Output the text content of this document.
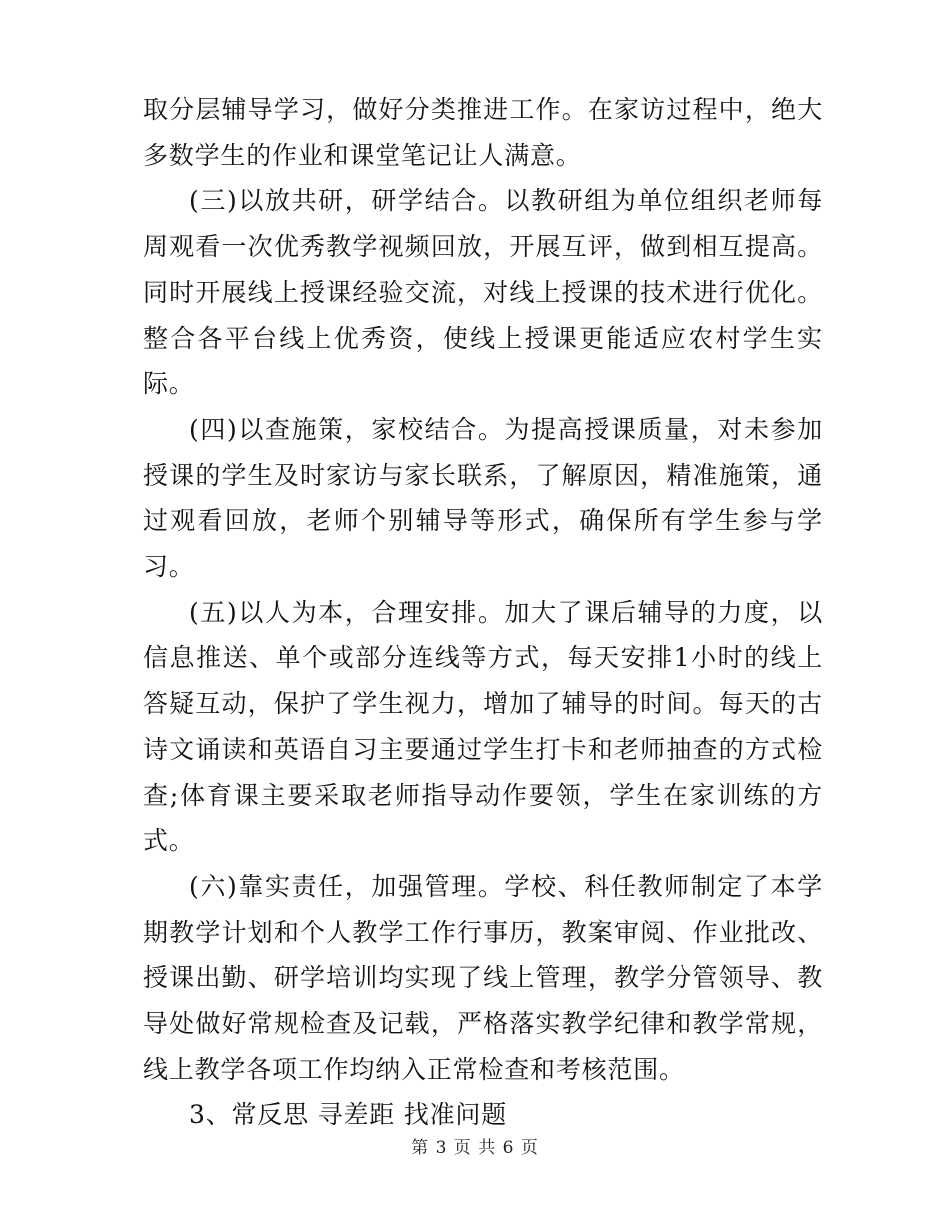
取分层辅导学习，做好分类推进工作。在家访过程中，绝大多数学生的作业和课堂笔记让人满意。

(三)以放共研，研学结合。以教研组为单位组织老师每周观看一次优秀教学视频回放，开展互评，做到相互提高。同时开展线上授课经验交流，对线上授课的技术进行优化。整合各平台线上优秀资，使线上授课更能适应农村学生实际。

(四)以查施策，家校结合。为提高授课质量，对未参加授课的学生及时家访与家长联系，了解原因，精准施策，通过观看回放，老师个别辅导等形式，确保所有学生参与学习。

(五)以人为本，合理安排。加大了课后辅导的力度，以信息推送、单个或部分连线等方式，每天安排1小时的线上答疑互动，保护了学生视力，增加了辅导的时间。每天的古诗文诵读和英语自习主要通过学生打卡和老师抽查的方式检查;体育课主要采取老师指导动作要领，学生在家训练的方式。

(六)靠实责任，加强管理。学校、科任教师制定了本学期教学计划和个人教学工作行事历，教案审阅、作业批改、授课出勤、研学培训均实现了线上管理，教学分管领导、教导处做好常规检查及记载，严格落实教学纪律和教学常规，线上教学各项工作均纳入正常检查和考核范围。

3、常反思 寻差距 找准问题

第 3 页 共 6 页
